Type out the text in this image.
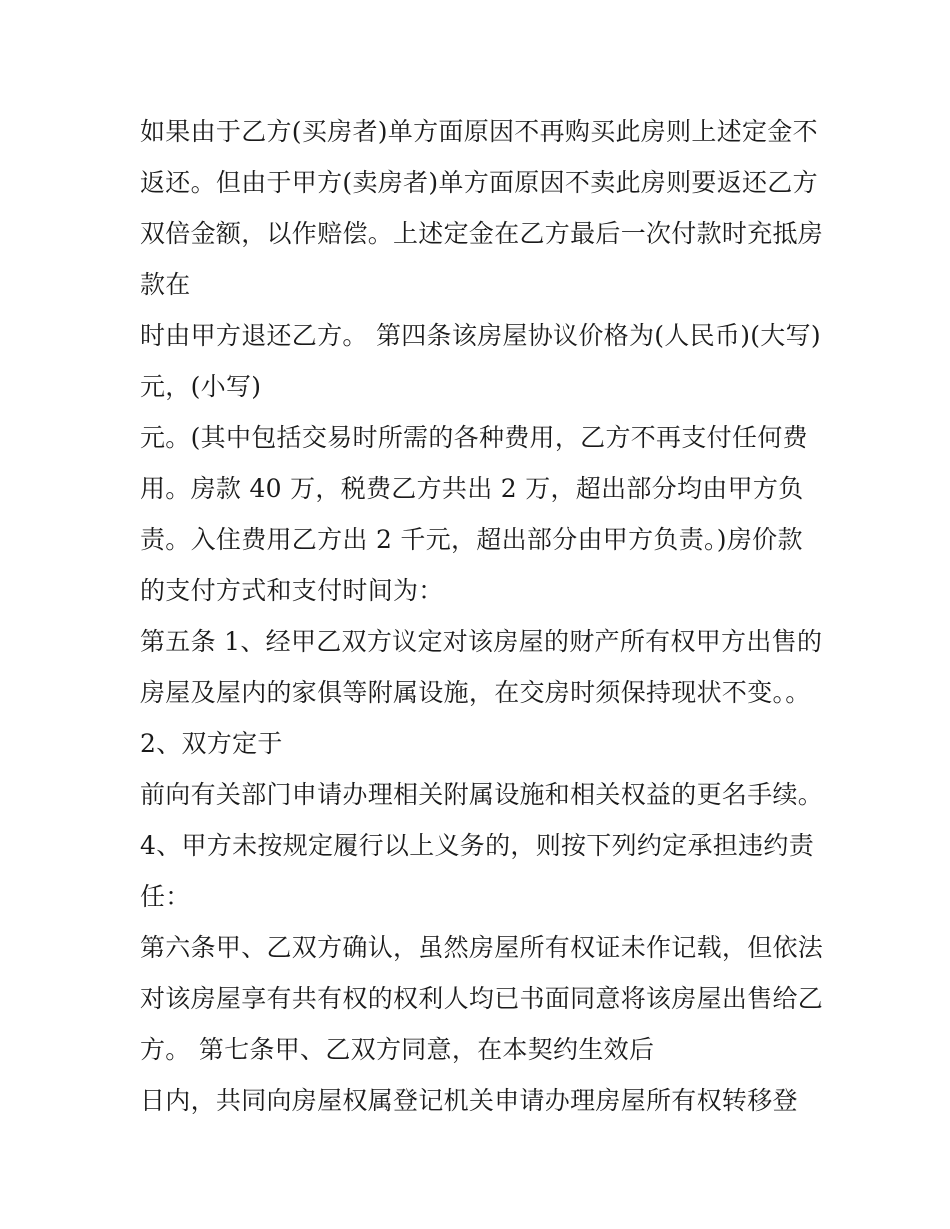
如果由于乙方(买房者)单方面原因不再购买此房则上述定金不
返还。但由于甲方(卖房者)单方面原因不卖此房则要返还乙方
双倍金额，以作赔偿。上述定金在乙方最后一次付款时充抵房
款在
时由甲方退还乙方。 第四条该房屋协议价格为(人民币)(大写)
元，(小写)
元。(其中包括交易时所需的各种费用，乙方不再支付任何费
用。房款 40 万，税费乙方共出 2 万，超出部分均由甲方负
责。入住费用乙方出 2 千元，超出部分由甲方负责。)房价款
的支付方式和支付时间为：
第五条 1、经甲乙双方议定对该房屋的财产所有权甲方出售的
房屋及屋内的家俱等附属设施，在交房时须保持现状不变。。
2、双方定于
前向有关部门申请办理相关附属设施和相关权益的更名手续。
4、甲方未按规定履行以上义务的，则按下列约定承担违约责
任：
第六条甲、乙双方确认，虽然房屋所有权证未作记载，但依法
对该房屋享有共有权的权利人均已书面同意将该房屋出售给乙
方。 第七条甲、乙双方同意，在本契约生效后
日内，共同向房屋权属登记机关申请办理房屋所有权转移登
